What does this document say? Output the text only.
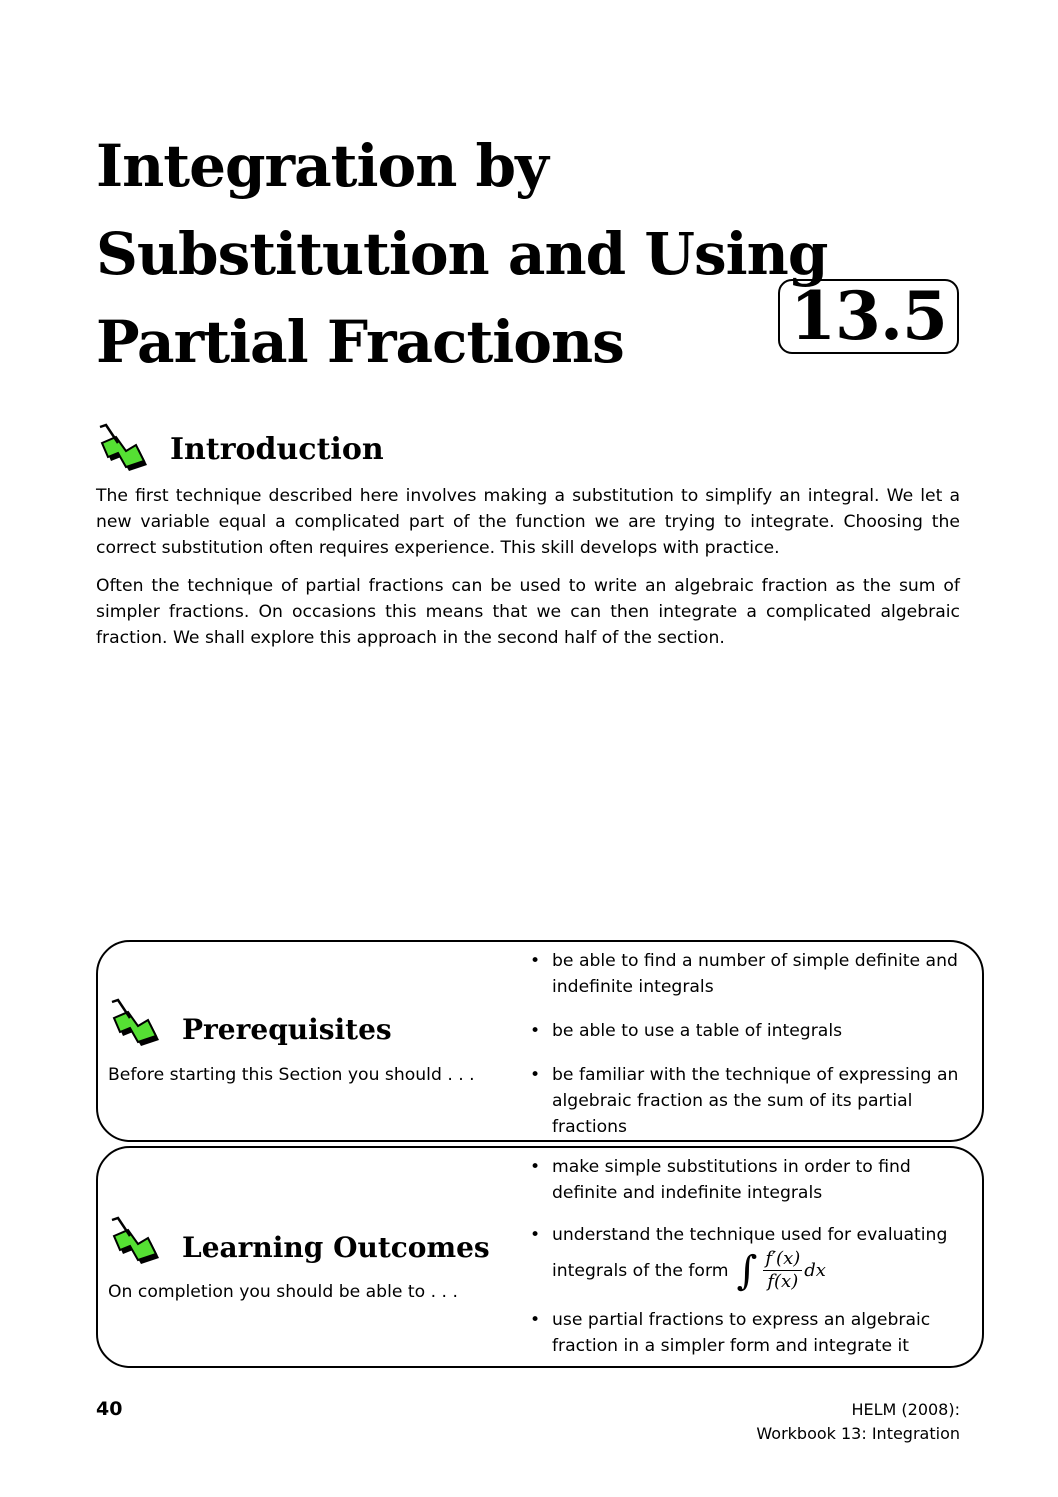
Integration by
Substitution and Using
Partial Fractions	13.5
Introduction

The first technique described here involves making a substitution to simplify an integral. We let a new variable equal a complicated part of the function we are trying to integrate. Choosing the correct substitution often requires experience. This skill develops with practice.

Often the technique of partial fractions can be used to write an algebraic fraction as the sum of simpler fractions. On occasions this means that we can then integrate a complicated algebraic fraction. We shall explore this approach in the second half of the section.

Prerequisites
Before starting this Section you should . . .
• be able to find a number of simple definite and indefinite integrals
• be able to use a table of integrals
• be familiar with the technique of expressing an algebraic fraction as the sum of its partial fractions
Learning Outcomes
On completion you should be able to . . .
• make simple substitutions in order to find definite and indefinite integrals
• understand the technique used for evaluating
integrals of the form ∫ $\frac{f'(x)}{f(x)}$ dx
• use partial fractions to express an algebraic fraction in a simpler form and integrate it
40	HELM (2008):
Workbook 13: Integration
